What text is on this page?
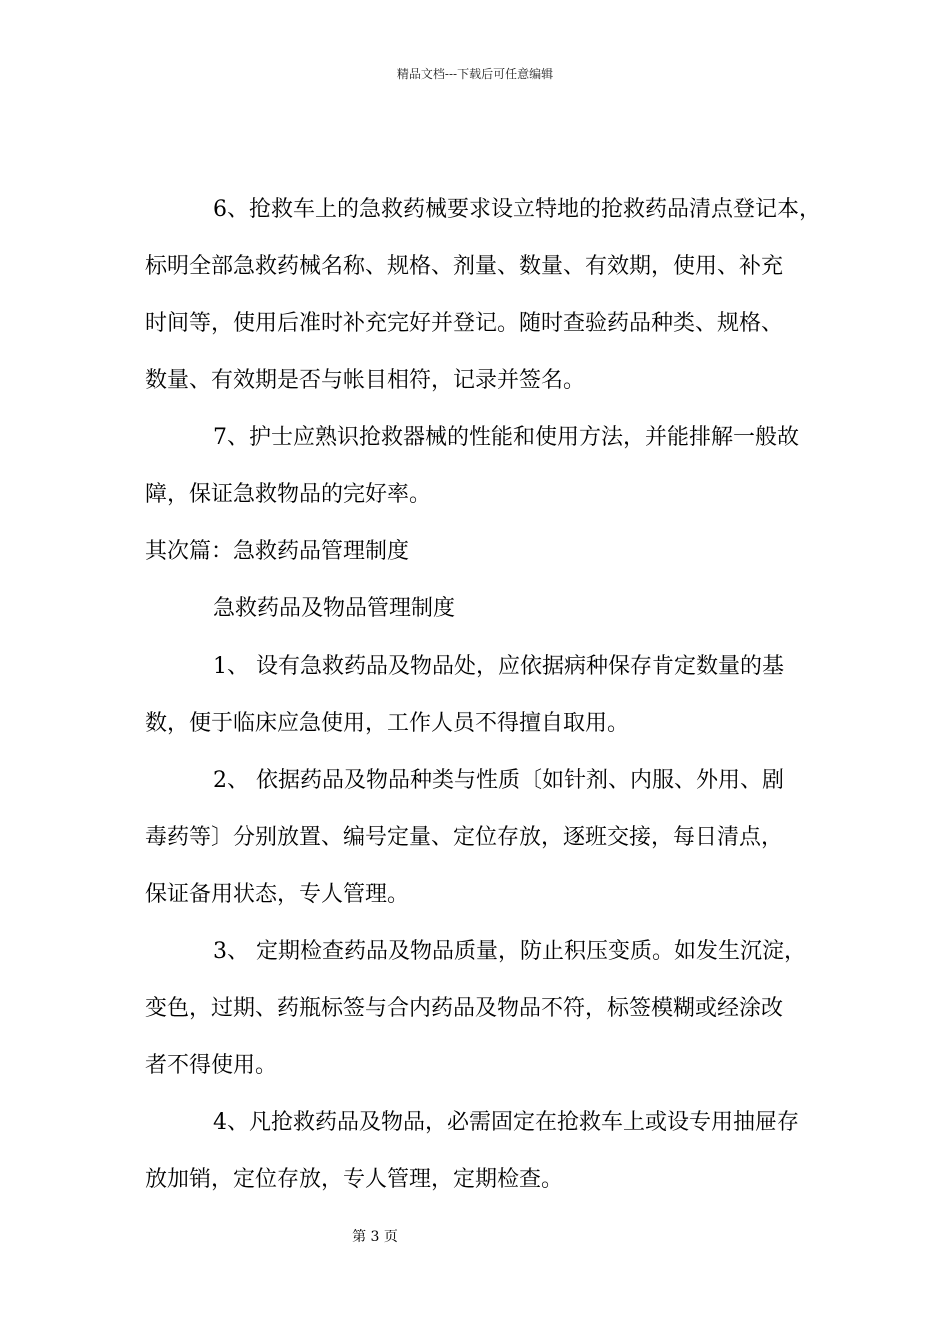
精品文档---下载后可任意编辑
6、抢救车上的急救药械要求设立特地的抢救药品清点登记本，
标明全部急救药械名称、规格、剂量、数量、有效期，使用、补充
时间等，使用后准时补充完好并登记。随时查验药品种类、规格、
数量、有效期是否与帐目相符，记录并签名。
7、护士应熟识抢救器械的性能和使用方法，并能排解一般故
障，保证急救物品的完好率。
其次篇：急救药品管理制度
急救药品及物品管理制度
1、 设有急救药品及物品处，应依据病种保存肯定数量的基
数，便于临床应急使用，工作人员不得擅自取用。
2、 依据药品及物品种类与性质〔如针剂、内服、外用、剧
毒药等〕分别放置、编号定量、定位存放，逐班交接，每日清点，
保证备用状态，专人管理。
3、 定期检查药品及物品质量，防止积压变质。如发生沉淀，
变色，过期、药瓶标签与合内药品及物品不符，标签模糊或经涂改
者不得使用。
4、凡抢救药品及物品，必需固定在抢救车上或设专用抽屉存
放加销，定位存放，专人管理，定期检查。
第 3 页
